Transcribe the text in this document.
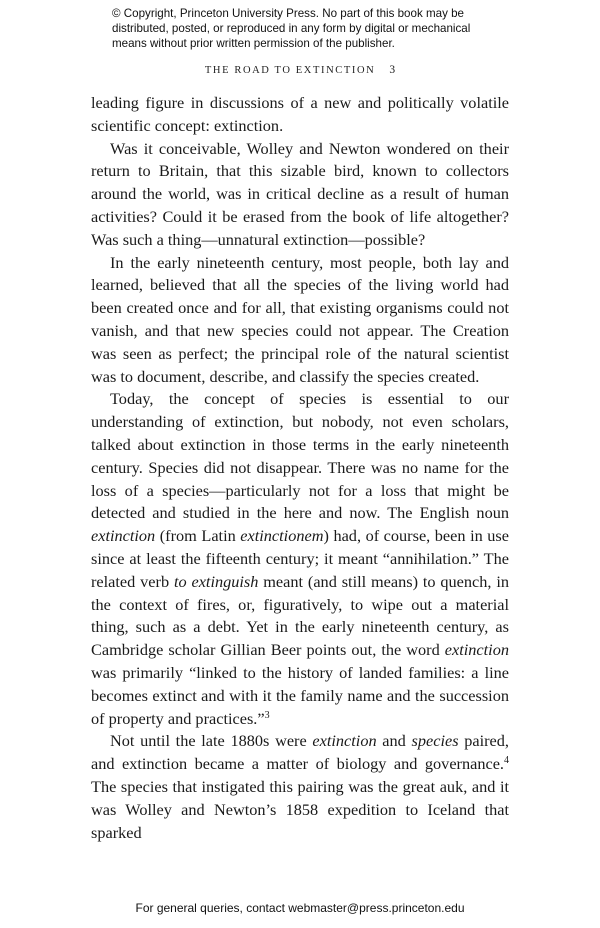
© Copyright, Princeton University Press. No part of this book may be
distributed, posted, or reproduced in any form by digital or mechanical
means without prior written permission of the publisher.
THE ROAD TO EXTINCTION 3

leading figure in discussions of a new and politically volatile scientific concept: extinction.

Was it conceivable, Wolley and Newton wondered on their return to Britain, that this sizable bird, known to collectors around the world, was in critical decline as a result of human activities? Could it be erased from the book of life altogether? Was such a thing—unnatural extinction—possible?

In the early nineteenth century, most people, both lay and learned, believed that all the species of the living world had been created once and for all, that existing organisms could not vanish, and that new species could not appear. The Creation was seen as perfect; the principal role of the natural scientist was to document, describe, and classify the species created.

Today, the concept of species is essential to our understanding of extinction, but nobody, not even scholars, talked about extinction in those terms in the early nineteenth century. Species did not disappear. There was no name for the loss of a species—particularly not for a loss that might be detected and studied in the here and now. The English noun extinction (from Latin extinctionem) had, of course, been in use since at least the fifteenth century; it meant “annihilation.” The related verb to extinguish meant (and still means) to quench, in the context of fires, or, figuratively, to wipe out a material thing, such as a debt. Yet in the early nineteenth century, as Cambridge scholar Gillian Beer points out, the word extinction was primarily “linked to the history of landed families: a line becomes extinct and with it the family name and the succession of property and practices.”$^3$

Not until the late 1880s were extinction and species paired, and extinction became a matter of biology and governance.$^4$ The species that instigated this pairing was the great auk, and it was Wolley and Newton’s 1858 expedition to Iceland that sparked

For general queries, contact webmaster@press.princeton.edu
